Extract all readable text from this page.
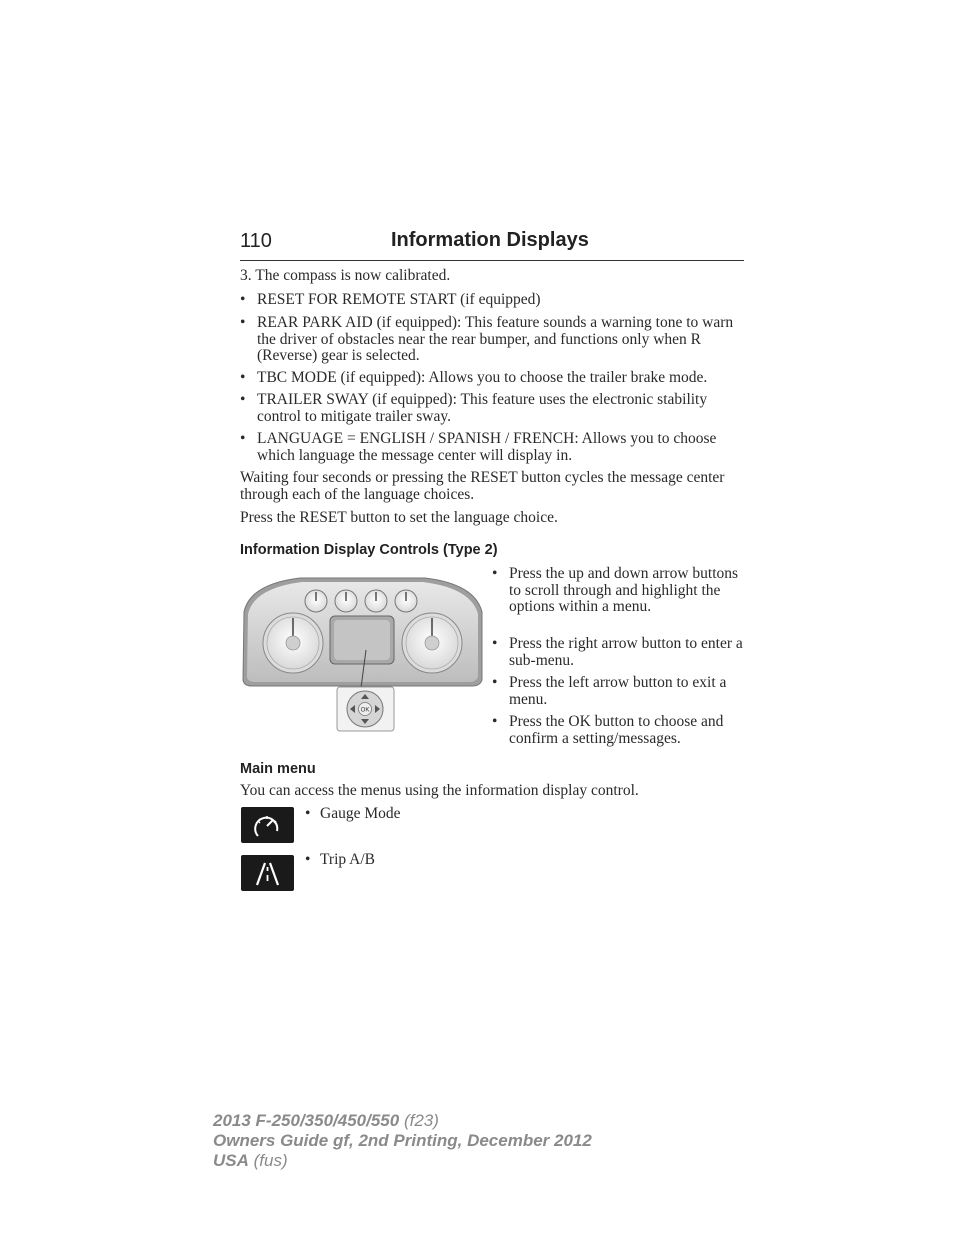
110	Information Displays
3. The compass is now calibrated.
• RESET FOR REMOTE START (if equipped)
• REAR PARK AID (if equipped): This feature sounds a warning tone to warn the driver of obstacles near the rear bumper, and functions only when R (Reverse) gear is selected.
• TBC MODE (if equipped): Allows you to choose the trailer brake mode.
• TRAILER SWAY (if equipped): This feature uses the electronic stability control to mitigate trailer sway.
• LANGUAGE = ENGLISH / SPANISH / FRENCH: Allows you to choose which language the message center will display in.
Waiting four seconds or pressing the RESET button cycles the message center through each of the language choices.
Press the RESET button to set the language choice.
Information Display Controls (Type 2)
OK
• Press the up and down arrow buttons to scroll through and highlight the options within a menu.
• Press the right arrow button to enter a sub-menu.
• Press the left arrow button to exit a menu.
• Press the OK button to choose and confirm a setting/messages.
Main menu
You can access the menus using the information display control.
• Gauge Mode
• Trip A/B
2013 F-250/350/450/550 (f23)
Owners Guide gf, 2nd Printing, December 2012
USA (fus)
